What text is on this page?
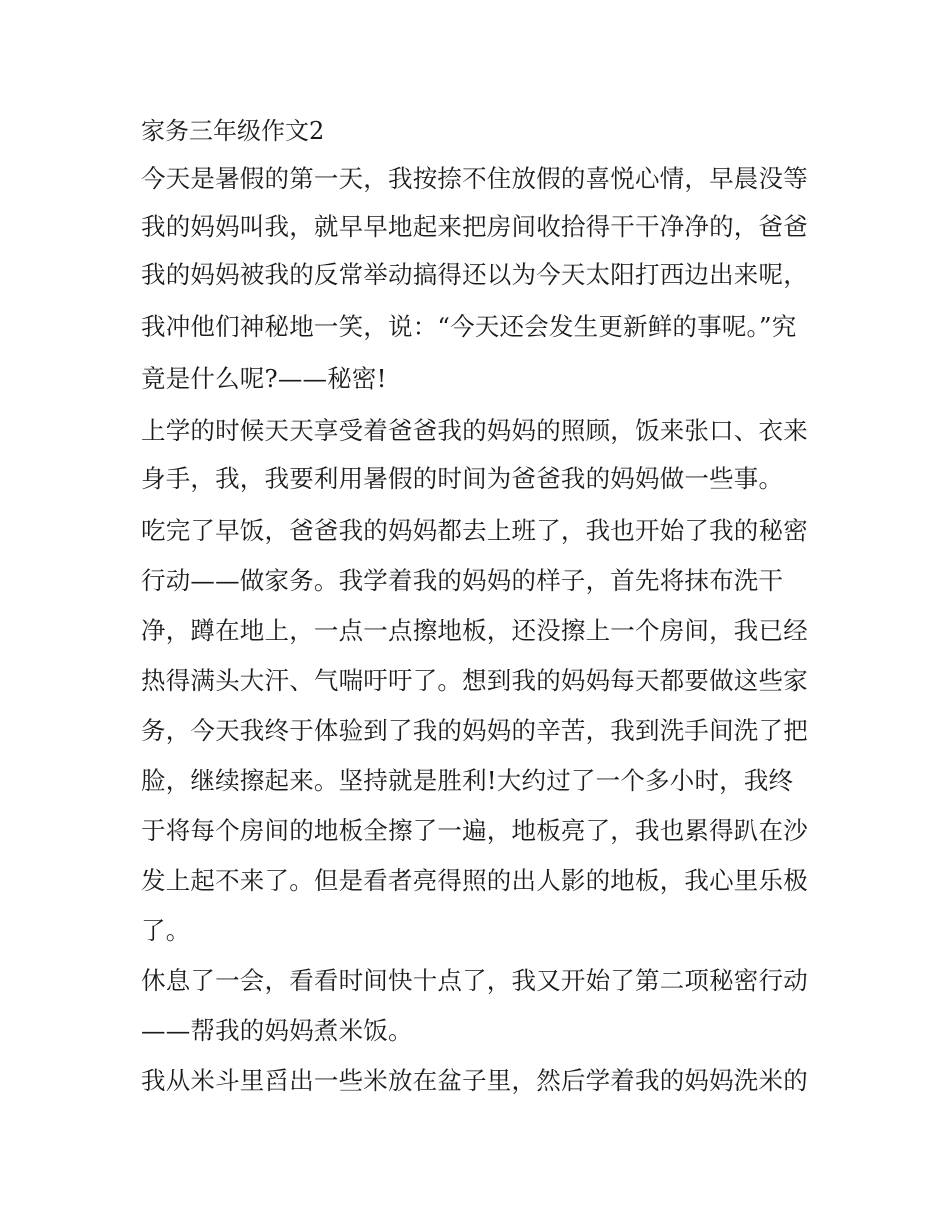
家务三年级作文2
今天是暑假的第一天，我按捺不住放假的喜悦心情，早晨没等
我的妈妈叫我，就早早地起来把房间收拾得干干净净的，爸爸
我的妈妈被我的反常举动搞得还以为今天太阳打西边出来呢，
我冲他们神秘地一笑，说：“今天还会发生更新鲜的事呢。”究
竟是什么呢?——秘密!
上学的时候天天享受着爸爸我的妈妈的照顾，饭来张口、衣来
身手，我，我要利用暑假的时间为爸爸我的妈妈做一些事。
吃完了早饭，爸爸我的妈妈都去上班了，我也开始了我的秘密
行动——做家务。我学着我的妈妈的样子，首先将抹布洗干
净，蹲在地上，一点一点擦地板，还没擦上一个房间，我已经
热得满头大汗、气喘吁吁了。想到我的妈妈每天都要做这些家
务，今天我终于体验到了我的妈妈的辛苦，我到洗手间洗了把
脸，继续擦起来。坚持就是胜利!大约过了一个多小时，我终
于将每个房间的地板全擦了一遍，地板亮了，我也累得趴在沙
发上起不来了。但是看者亮得照的出人影的地板，我心里乐极
了。
休息了一会，看看时间快十点了，我又开始了第二项秘密行动
——帮我的妈妈煮米饭。
我从米斗里舀出一些米放在盆子里，然后学着我的妈妈洗米的
